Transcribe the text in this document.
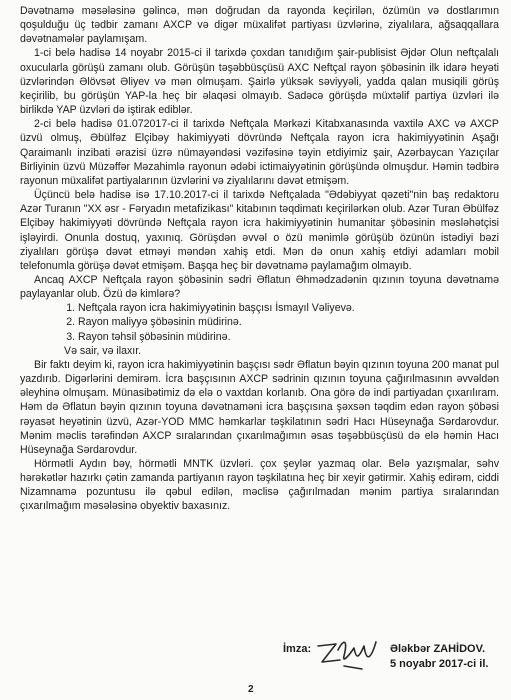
Dəvətnamə məsələsinə gəlincə, mən doğrudan da rayonda keçirilən, özümün və dostlarımın qoşulduğu üç tədbir zamanı AXCP və digər müxalifət partiyası üzvlərinə, ziyalılara, ağsaqqallara dəvətnamələr paylamışam.

1-ci belə hadisə 14 noyabr 2015-ci il tarixdə çoxdan tanıdığım şair-publisist Əjdər Olun neftçalalı oxucularla görüşü zamanı olub. Görüşün təşəbbüsçüsü AXC Neftçal rayon şöbəsinin ilk idarə heyəti üzvlərindən Əlövsət Əliyev və mən olmuşam. Şairlə yüksək səviyyəli, yadda qalan musiqili görüş keçirilib, bu görüşün YAP-la heç bir əlaqəsi olmayıb. Sadəcə görüşdə müxtəlif partiya üzvləri ilə birlikdə YAP üzvləri də iştirak ediblər.

2-ci belə hadisə 01.072017-ci il tarixdə Neftçala Mərkəzi Kitabxanasında vaxtilə AXC və AXCP üzvü olmuş, Əbülfəz Elçibəy hakimiyyəti dövründə Neftçala rayon icra hakimiyyətinin Aşağı Qaraimanlı inzibati ərazisi üzrə nümayəndəsi vəzifəsinə təyin etdiyimiz şair, Azərbaycan Yazıçılar Birliyinin üzvü Müzəffər Məzahimlə rayonun ədəbi ictimaiyyətinin görüşündə olmuşdur. Həmin tədbirə rayonun müxalifət partiyalarının üzvlərini və ziyalılarını dəvət etmişəm.

Üçüncü belə hadisə isə 17.10.2017-ci il tarixdə Neftçalada "Ədəbiyyat qəzeti"nin baş redaktoru Azər Turanın "XX əsr - Fəryadın metafizikası" kitabının təqdimatı keçirilərkən olub. Azər Turan Əbülfəz Elçibəy hakimiyyəti dövründə Neftçala rayon icra hakimiyyətinin humanitar şöbəsinin məsləhətçisi işləyirdi. Onunla dostuq, yaxınıq. Görüşdən əvvəl o özü mənimlə görüşüb özünün istədiyi bəzi ziyalıları görüşə dəvət etməyi məndən xahiş etdi. Mən də onun xahiş etdiyi adamları mobil telefonumla görüşə dəvət etmişəm. Başqa heç bir dəvətnamə paylamağım olmayıb.

Ancaq AXCP Neftçala rayon şöbəsinin sədri Əflatun Əhmədzadənin qızının toyuna dəvətnamə paylayanlar olub. Özü də kimlərə?

1. Neftçala rayon icra hakimiyyətinin başçısı İsmayıl Vəliyevə.
2. Rayon maliyyə şöbəsinin müdirinə.
3. Rayon təhsil şöbəsinin müdirinə.

Və sair, və ilaxır.

Bir faktı deyim ki, rayon icra hakimiyyətinin başçısı sədr Əflatun bəyin qızının toyuna 200 manat pul yazdırıb. Digərlərini demirəm. İcra başçısının AXCP sədrinin qızının toyuna çağırılmasının əvvəldən əleyhinə olmuşam. Münasibətimiz də elə o vaxtdan korlanıb. Ona görə də indi partiyadan çıxarılıram. Həm də Əflatun bəyin qızının toyuna dəvətnaməni icra başçısına şəxsən təqdim edən rayon şöbəsi rəyasət heyətinin üzvü, Azər-YOD MMC həmkarlar təşkilatının sədri Hacı Hüseynağa Sərdarovdur. Mənim məclis tərəfindən AXCP sıralarından çıxarılmağımın əsas təşəbbüsçüsü də elə həmin Hacı Hüseynağa Sərdarovdur.

Hörmətli Aydın bəy, hörmətli MNTK üzvləri. çox şeylər yazmaq olar. Belə yazışmalar, səhv hərəkətlər hazırkı çətin zamanda partiyanın rayon təşkilatına heç bir xeyir gətirmir. Xahiş edirəm, ciddi Nizamnamə pozuntusu ilə qəbul edilən, məclisə çağırılmadan mənim partiya sıralarından çıxarılmağım məsələsinə obyektiv baxasınız.

İmza:	Ələkbər ZAHİDOV.
5 noyabr 2017-ci il.
2
